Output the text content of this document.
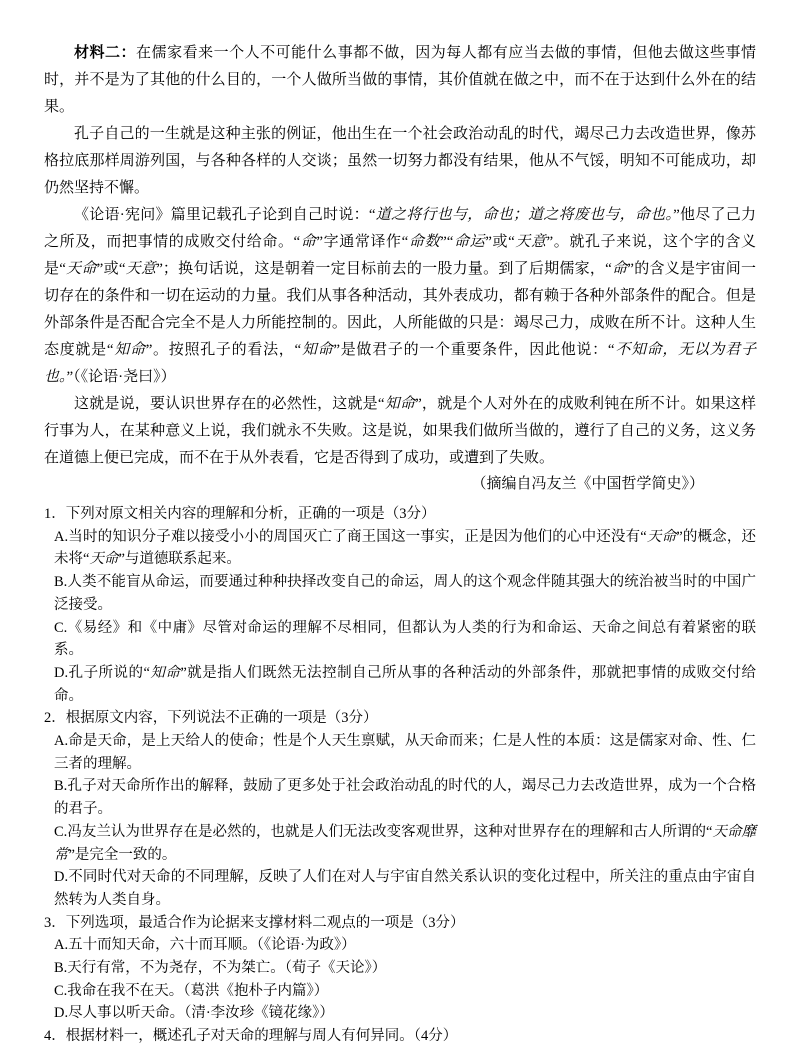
材料二：在儒家看来一个人不可能什么事都不做，因为每人都有应当去做的事情，但他去做这些事情时，并不是为了其他的什么目的，一个人做所当做的事情，其价值就在做之中，而不在于达到什么外在的结果。

孔子自己的一生就是这种主张的例证，他出生在一个社会政治动乱的时代，竭尽己力去改造世界，像苏格拉底那样周游列国，与各种各样的人交谈；虽然一切努力都没有结果，他从不气馁，明知不可能成功，却仍然坚持不懈。

《论语·宪问》篇里记载孔子论到自己时说：“道之将行也与，命也；道之将废也与，命也。”他尽了己力之所及，而把事情的成败交付给命。“命”字通常译作“命数”“命运”或“天意”。就孔子来说，这个字的含义是“天命”或“天意”；换句话说，这是朝着一定目标前去的一股力量。到了后期儒家，“命”的含义是宇宙间一切存在的条件和一切在运动的力量。我们从事各种活动，其外表成功，都有赖于各种外部条件的配合。但是外部条件是否配合完全不是人力所能控制的。因此，人所能做的只是：竭尽己力，成败在所不计。这种人生态度就是“知命”。按照孔子的看法，“知命”是做君子的一个重要条件，因此他说：“不知命，无以为君子也。”（《论语·尧曰》）

这就是说，要认识世界存在的必然性，这就是“知命”，就是个人对外在的成败利钝在所不计。如果这样行事为人，在某种意义上说，我们就永不失败。这是说，如果我们做所当做的，遵行了自己的义务，这义务在道德上便已完成，而不在于从外表看，它是否得到了成功，或遭到了失败。

（摘编自冯友兰《中国哲学简史》）

1．下列对原文相关内容的理解和分析，正确的一项是（3分）

A.当时的知识分子难以接受小小的周国灭亡了商王国这一事实，正是因为他们的心中还没有“天命”的概念，还未将“天命”与道德联系起来。

B.人类不能盲从命运，而要通过种种抉择改变自己的命运，周人的这个观念伴随其强大的统治被当时的中国广泛接受。

C.《易经》和《中庸》尽管对命运的理解不尽相同，但都认为人类的行为和命运、天命之间总有着紧密的联系。

D.孔子所说的“知命”就是指人们既然无法控制自己所从事的各种活动的外部条件，那就把事情的成败交付给命。

2．根据原文内容，下列说法不正确的一项是（3分）

A.命是天命，是上天给人的使命；性是个人天生禀赋，从天命而来；仁是人性的本质：这是儒家对命、性、仁三者的理解。

B.孔子对天命所作出的解释，鼓励了更多处于社会政治动乱的时代的人，竭尽己力去改造世界，成为一个合格的君子。

C.冯友兰认为世界存在是必然的，也就是人们无法改变客观世界，这种对世界存在的理解和古人所谓的“天命靡常”是完全一致的。

D.不同时代对天命的不同理解，反映了人们在对人与宇宙自然关系认识的变化过程中，所关注的重点由宇宙自然转为人类自身。

3．下列选项，最适合作为论据来支撑材料二观点的一项是（3分）

A.五十而知天命，六十而耳顺。（《论语·为政》）

B.天行有常，不为尧存，不为桀亡。（荀子《天论》）

C.我命在我不在天。（葛洪《抱朴子内篇》）

D.尽人事以听天命。（清·李汝珍《镜花缘》）

4．根据材料一，概述孔子对天命的理解与周人有何异同。（4分）
